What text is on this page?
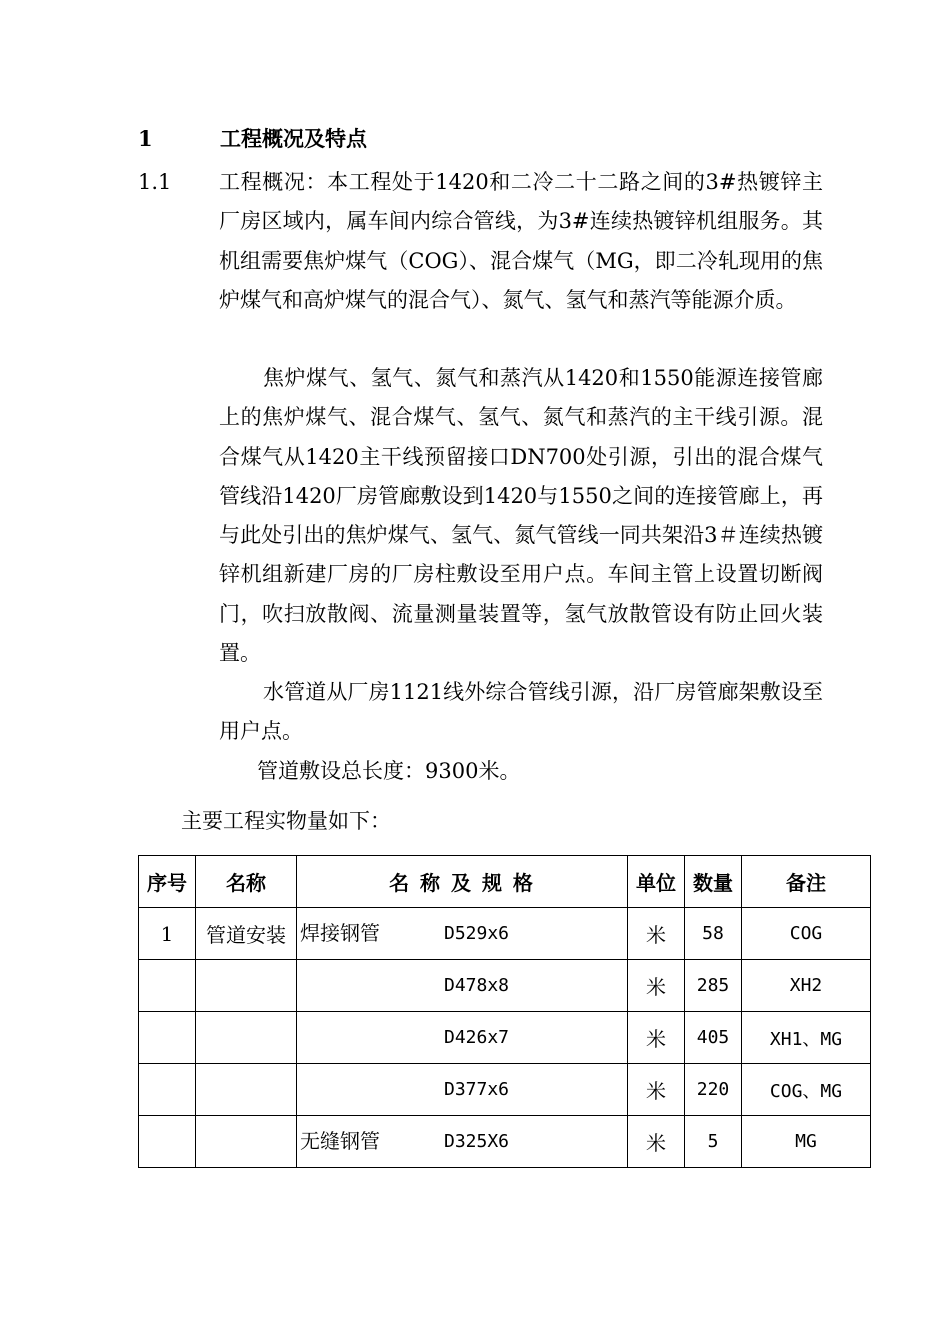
1	工程概况及特点
1.1 工程概况：本工程处于1420和二冷二十二路之间的3#热镀锌主厂房区域内，属车间内综合管线，为3#连续热镀锌机组服务。其机组需要焦炉煤气（COG）、混合煤气（MG，即二冷轧现用的焦炉煤气和高炉煤气的混合气）、氮气、氢气和蒸汽等能源介质。

焦炉煤气、氢气、氮气和蒸汽从1420和1550能源连接管廊上的焦炉煤气、混合煤气、氢气、氮气和蒸汽的主干线引源。混合煤气从1420主干线预留接口DN700处引源，引出的混合煤气管线沿1420厂房管廊敷设到1420与1550之间的连接管廊上，再与此处引出的焦炉煤气、氢气、氮气管线一同共架沿3＃连续热镀锌机组新建厂房的厂房柱敷设至用户点。车间主管上设置切断阀门，吹扫放散阀、流量测量装置等，氢气放散管设有防止回火装置。

水管道从厂房1121线外综合管线引源，沿厂房管廊架敷设至用户点。

管道敷设总长度：9300米。

主要工程实物量如下：

序号	名称	名 称 及 规 格	单位	数量	备注
1	管道安装	焊接钢管 D529x6	米	58	COG

		D478x8	米	285	XH2

		D426x7	米	405	XH1、MG

		D377x6	米	220	COG、MG

		无缝钢管 D325X6	米	5	MG
